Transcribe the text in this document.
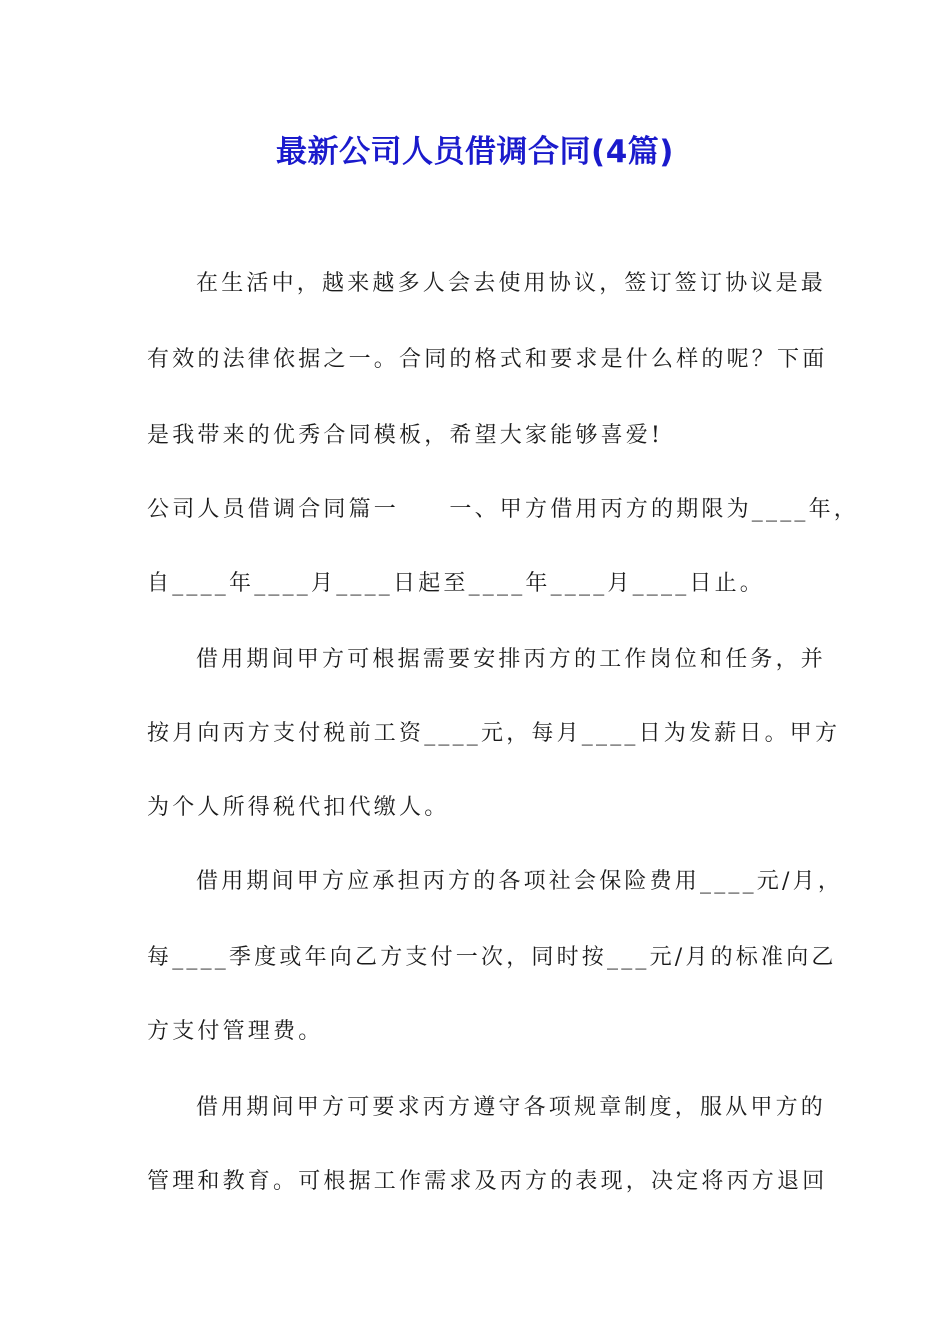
最新公司人员借调合同(4篇)
在生活中，越来越多人会去使用协议，签订签订协议是最
有效的法律依据之一。合同的格式和要求是什么样的呢？下面
是我带来的优秀合同模板，希望大家能够喜爱!
公司人员借调合同篇一　　一、甲方借用丙方的期限为____年，
自____年____月____日起至____年____月____日止。
借用期间甲方可根据需要安排丙方的工作岗位和任务，并
按月向丙方支付税前工资____元，每月____日为发薪日。甲方
为个人所得税代扣代缴人。
借用期间甲方应承担丙方的各项社会保险费用____元/月，
每____季度或年向乙方支付一次，同时按___元/月的标准向乙
方支付管理费。
借用期间甲方可要求丙方遵守各项规章制度，服从甲方的
管理和教育。可根据工作需求及丙方的表现，决定将丙方退回
